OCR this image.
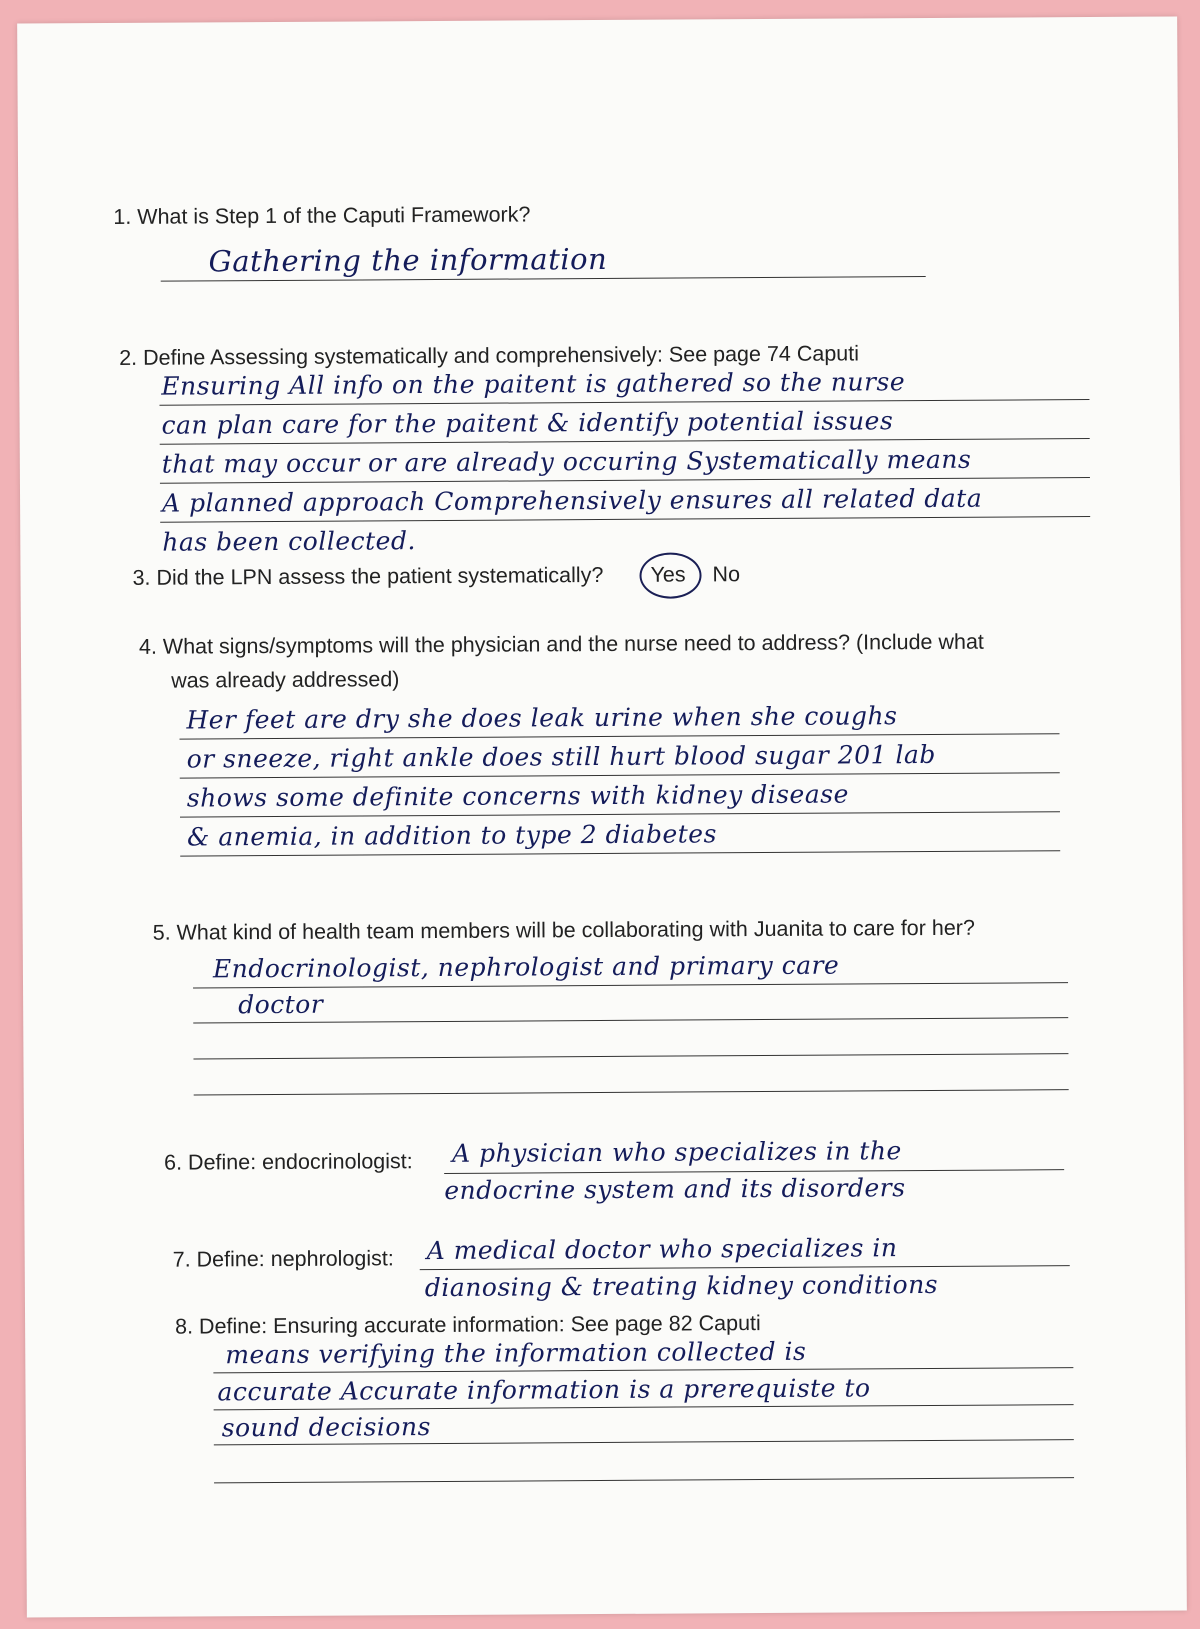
1. What is Step 1 of the Caputi Framework?
Gathering the information
2. Define Assessing systematically and comprehensively: See page 74 Caputi
Ensuring All info on the paitent is gathered so the nurse
can plan care for the paitent & identify potential issues
that may occur or are already occuring Systematically means
A planned approach Comprehensively ensures all related data
has been collected.
3. Did the LPN assess the patient systematically? Yes No
4. What signs/symptoms will the physician and the nurse need to address? (Include what
was already addressed)
Her feet are dry she does leak urine when she coughs
or sneeze, right ankle does still hurt blood sugar 201 lab
shows some definite concerns with kidney disease
& anemia, in addition to type 2 diabetes
5. What kind of health team members will be collaborating with Juanita to care for her?
Endocrinologist, nephrologist and primary care
doctor
6. Define: endocrinologist: A physician who specializes in the
endocrine system and its disorders
7. Define: nephrologist: A medical doctor who specializes in
dianosing & treating kidney conditions
8. Define: Ensuring accurate information: See page 82 Caputi
means verifying the information collected is
accurate Accurate information is a prerequiste to
sound decisions
